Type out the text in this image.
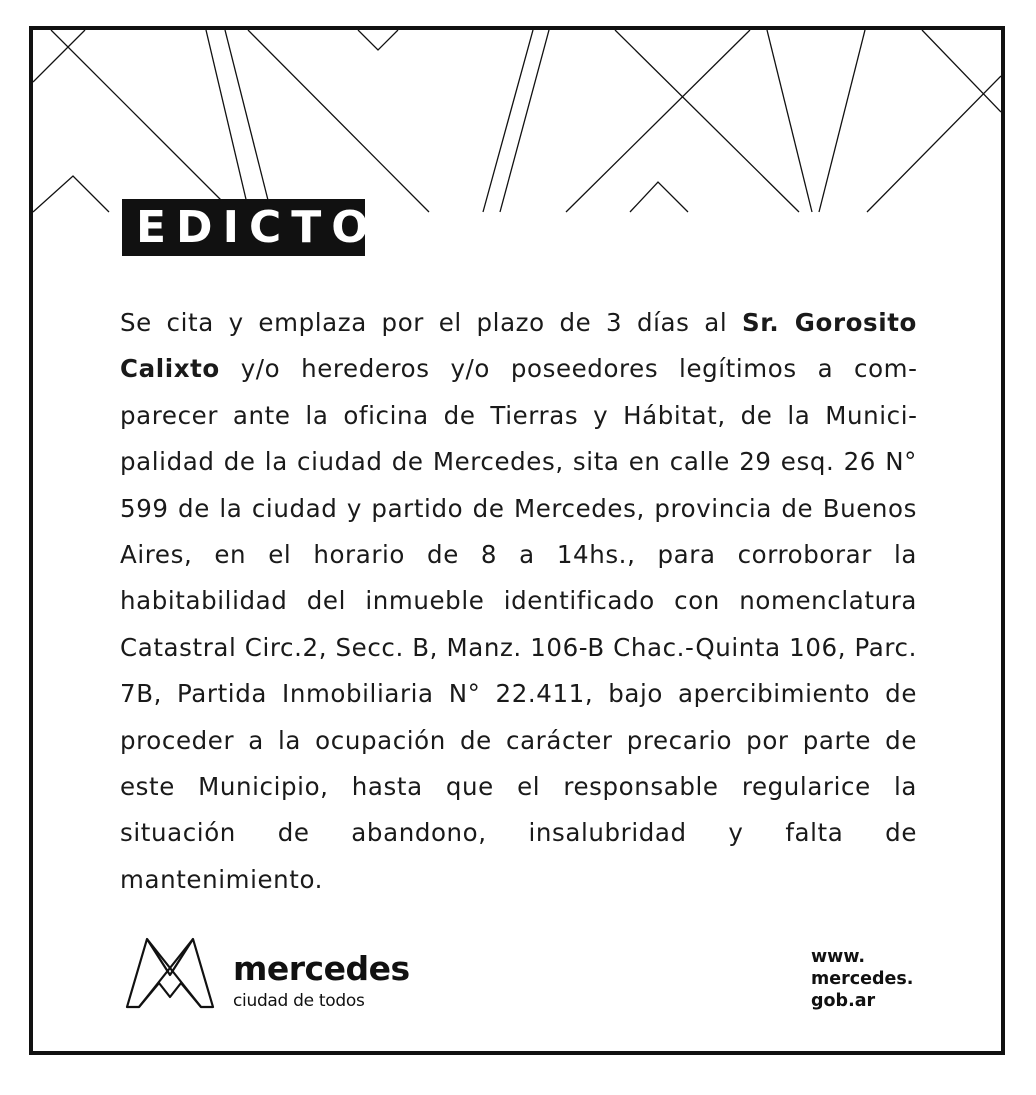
EDICTO

Se cita y emplaza por el plazo de 3 días al Sr. Gorosito Calixto y/o herederos y/o poseedores legítimos a comparecer ante la oficina de Tierras y Hábitat, de la Municipalidad de la ciudad de Mercedes, sita en calle 29 esq. 26 N° 599 de la ciudad y partido de Mercedes, provincia de Buenos Aires, en el horario de 8 a 14hs., para corroborar la habitabilidad del inmueble identificado con nomenclatura Catastral Circ.2, Secc. B, Manz. 106-B Chac.-Quinta 106, Parc. 7B, Partida Inmobiliaria N° 22.411, bajo apercibimiento de proceder a la ocupación de carácter precario por parte de este Municipio, hasta que el responsable regularice la situación de abandono, insalubridad y falta de mantenimiento.

mercedes
ciudad de todos
www.
mercedes.
gob.ar
